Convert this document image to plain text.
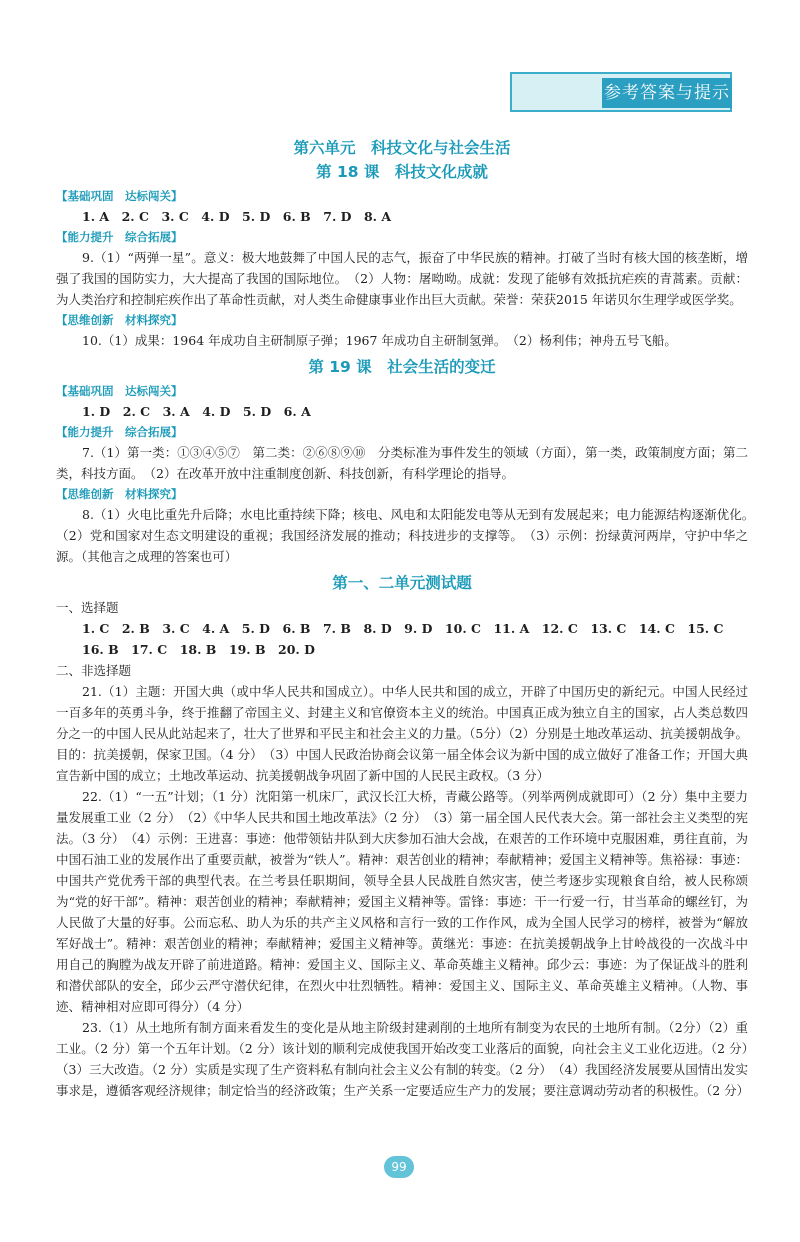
参考答案与提示
第六单元　科技文化与社会生活
第 18 课　科技文化成就
【基础巩固　达标闯关】
1. A　2. C　3. C　4. D　5. D　6. B　7. D　8. A
【能力提升　综合拓展】
9.（1）“两弹一星”。意义：极大地鼓舞了中国人民的志气，振奋了中华民族的精神。打破了当时有核大国的核垄断，增强了我国的国防实力，大大提高了我国的国际地位。　（2）人物：屠呦呦。成就：发现了能够有效抵抗疟疾的青蒿素。贡献：为人类治疗和控制疟疾作出了革命性贡献，对人类生命健康事业作出巨大贡献。荣誉：荣获2015 年诺贝尔生理学或医学奖。
【思维创新　材料探究】
10.（1）成果：1964 年成功自主研制原子弹；1967 年成功自主研制氢弹。　（2）杨利伟；神舟五号飞船。
第 19 课　社会生活的变迁
【基础巩固　达标闯关】
1. D　2. C　3. A　4. D　5. D　6. A
【能力提升　综合拓展】
7.（1）第一类：①③④⑤⑦　第二类：②⑥⑧⑨⑩　分类标准为事件发生的领域（方面），第一类，政策制度方面；第二类，科技方面。　（2）在改革开放中注重制度创新、科技创新，有科学理论的指导。
【思维创新　材料探究】
8.（1）火电比重先升后降；水电比重持续下降；核电、风电和太阳能发电等从无到有发展起来；电力能源结构逐渐优化。　（2）党和国家对生态文明建设的重视；我国经济发展的推动；科技进步的支撑等。　（3）示例：扮绿黄河两岸，守护中华之源。（其他言之成理的答案也可）
第一、二单元测试题
一、选择题
1. C　2. B　3. C　4. A　5. D　6. B　7. B　8. D　9. D　10. C　11. A　12. C　13. C　14. C　15. C　16. B　17. C　18. B　19. B　20. D
二、非选择题
21.（1）主题：开国大典（或中华人民共和国成立）。中华人民共和国的成立，开辟了中国历史的新纪元。中国人民经过一百多年的英勇斗争，终于推翻了帝国主义、封建主义和官僚资本主义的统治。中国真正成为独立自主的国家，占人类总数四分之一的中国人民从此站起来了，壮大了世界和平民主和社会主义的力量。（5分）（2）分别是土地改革运动、抗美援朝战争。目的：抗美援朝，保家卫国。（4 分）　（3）中国人民政治协商会议第一届全体会议为新中国的成立做好了准备工作；开国大典宣告新中国的成立；土地改革运动、抗美援朝战争巩固了新中国的人民民主政权。（3 分）
22.（1）“一五”计划；（1 分）沈阳第一机床厂，武汉长江大桥，青藏公路等。（列举两例成就即可）（2 分）集中主要力量发展重工业（2 分）　（2）《中华人民共和国土地改革法》（2 分）　（3）第一届全国人民代表大会。第一部社会主义类型的宪法。（3 分）　（4）示例：王进喜：事迹：他带领钻井队到大庆参加石油大会战，在艰苦的工作环境中克服困难，勇往直前，为中国石油工业的发展作出了重要贡献，被誉为“铁人”。精神：艰苦创业的精神；奉献精神；爱国主义精神等。焦裕禄：事迹：中国共产党优秀干部的典型代表。在兰考县任职期间，领导全县人民战胜自然灾害，使兰考逐步实现粮食自给，被人民称颂为“党的好干部”。精神：艰苦创业的精神；奉献精神；爱国主义精神等。雷锋：事迹：干一行爱一行，甘当革命的螺丝钉，为人民做了大量的好事。公而忘私、助人为乐的共产主义风格和言行一致的工作作风，成为全国人民学习的榜样，被誉为“解放军好战士”。精神：艰苦创业的精神；奉献精神；爱国主义精神等。黄继光：事迹：在抗美援朝战争上甘岭战役的一次战斗中用自己的胸膛为战友开辟了前进道路。精神：爱国主义、国际主义、革命英雄主义精神。邱少云：事迹：为了保证战斗的胜利和潜伏部队的安全，邱少云严守潜伏纪律，在烈火中壮烈牺牲。精神：爱国主义、国际主义、革命英雄主义精神。（人物、事迹、精神相对应即可得分）（4 分）
23.（1）从土地所有制方面来看发生的变化是从地主阶级封建剥削的土地所有制变为农民的土地所有制。（2分）（2）重工业。（2 分）第一个五年计划。（2 分）该计划的顺利完成使我国开始改变工业落后的面貌，向社会主义工业化迈进。（2 分）　（3）三大改造。（2 分）实质是实现了生产资料私有制向社会主义公有制的转变。（2 分）　（4）我国经济发展要从国情出发实事求是，遵循客观经济规律；制定恰当的经济政策；生产关系一定要适应生产力的发展；要注意调动劳动者的积极性。（2 分）
99
